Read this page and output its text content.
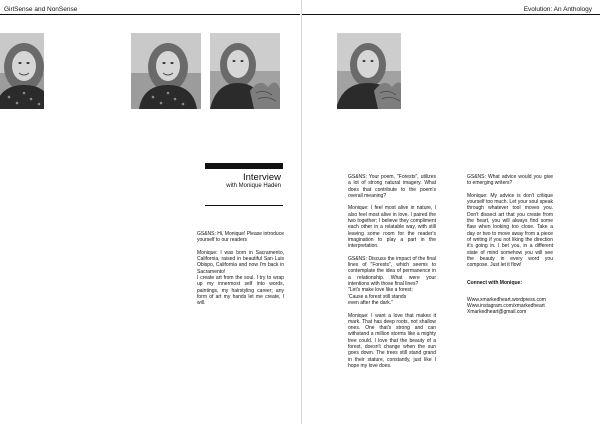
GirlSense and NonSense	Evolution: An Anthology
Interview
with Monique Haden

GS&NS: Hi, Monique! Please introduce yourself to our readers

Monique: I was born in Sacramento, California, raised in beautiful San Luis Obispo, California and now I'm back in Sacramento!

I create art from the soul. I try to wrap up my innermost self into words, paintings, my hairstyling career; any form of art my hands let me create, I will.

GS&NS: Your poem, "Forests", utilizes a lot of strong natural imagery. What does that contribute to the poem's overall meaning?

Monique: I feel most alive in nature, I also feel most alive in love. I paired the two together; I believe they compliment each other in a relatable way, with still leaving some room for the reader's imagination to play a part in the interpretation.

GS&NS: Discuss the impact of the final lines of "Forests", which seems to contemplate the idea of permanence in a relationship. What were your intentions with those final lines?

"Let's make love like a forest;
'Cause a forest still stands

even after the dark."

Monique: I want a love that makes it mark. That has deep roots, not shallow ones. One that's strong and can withstand a million storms like a mighty tree could. I love that the beauty of a forest, doesn't change when the sun goes down. The trees still stand grand in their stature, constantly, just like I hope my love does.

GS&NS: What advice would you give to emerging writers?

Monique: My advice is don't critique yourself too much. Let your soul speak through whatever tool moves you. Don't dissect art that you create from the heart, you will always find some flaw when looking too close. Take a day or two to move away from a piece of writing if you not liking the direction it's going in. I bet you, in a different state of mind somehow you will see the beauty in every word you compose. Just let it flow!

Connect with Monique:

Www.xmarkedheart.wordpress.com
Www.instagram.com/xmarkedheart
Xmarkedheart@gmail.com
